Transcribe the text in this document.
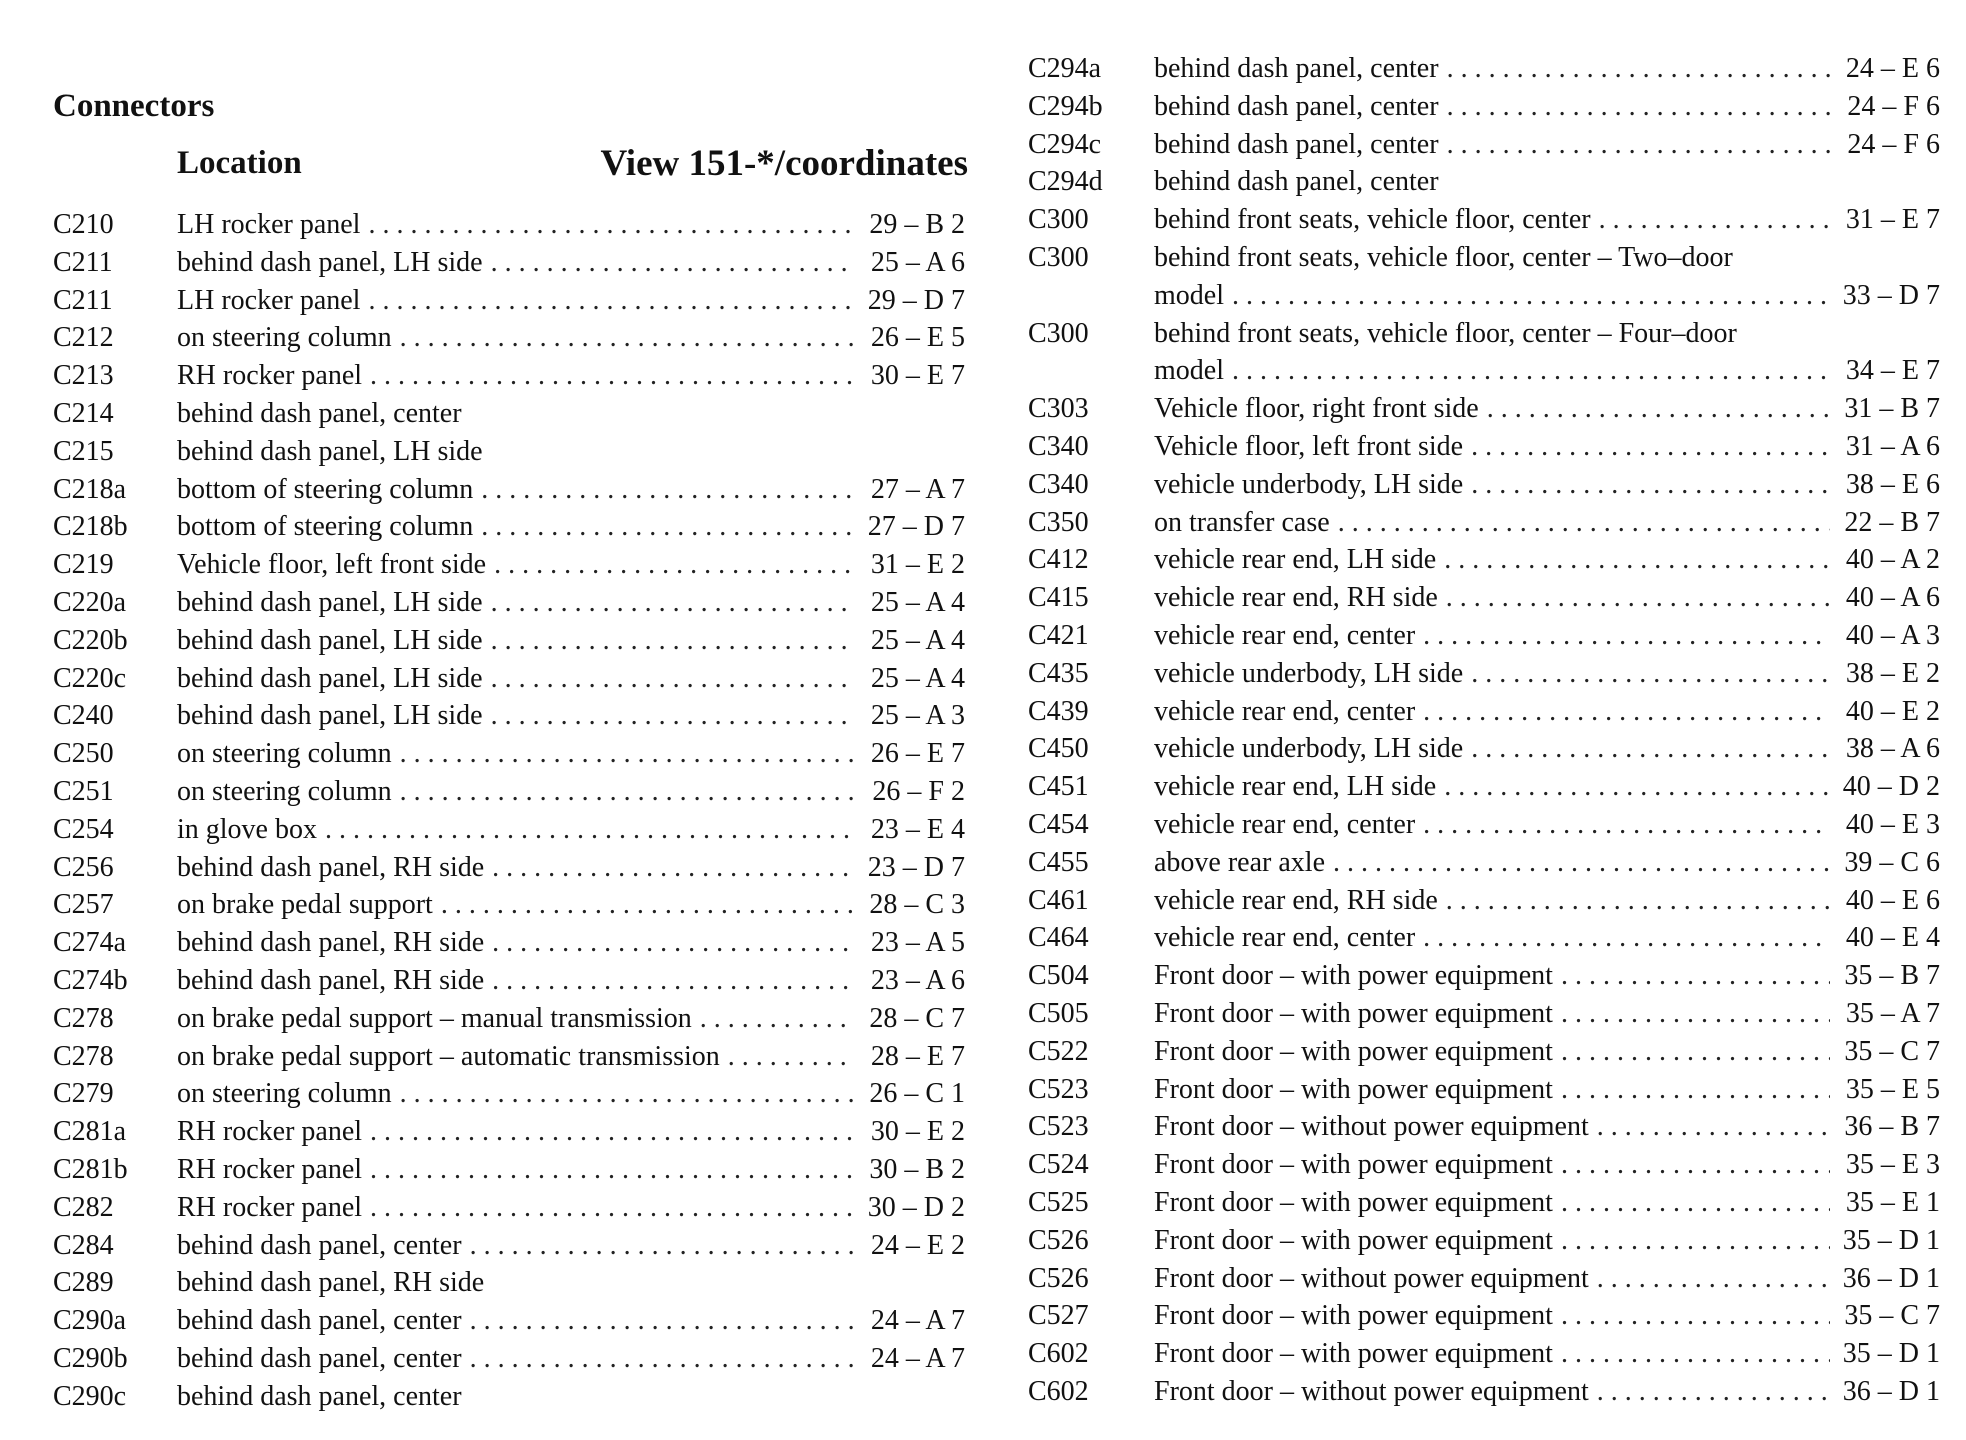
Connectors
Location	View 151-*/coordinates
C210	LH rocker panel . . .	29 – B 2
C211	behind dash panel, LH side . . .	25 – A 6
C211	LH rocker panel . . .	29 – D 7
C212	on steering column . . .	26 – E 5
C213	RH rocker panel . . .	30 – E 7
C214	behind dash panel, center
C215	behind dash panel, LH side
C218a	bottom of steering column . . .	27 – A 7
C218b	bottom of steering column . . .	27 – D 7
C219	Vehicle floor, left front side . . .	31 – E 2
C220a	behind dash panel, LH side . . .	25 – A 4
C220b	behind dash panel, LH side . . .	25 – A 4
C220c	behind dash panel, LH side . . .	25 – A 4
C240	behind dash panel, LH side . . .	25 – A 3
C250	on steering column . . .	26 – E 7
C251	on steering column . . .	26 – F 2
C254	in glove box . . .	23 – E 4
C256	behind dash panel, RH side . . .	23 – D 7
C257	on brake pedal support . . .	28 – C 3
C274a	behind dash panel, RH side . . .	23 – A 5
C274b	behind dash panel, RH side . . .	23 – A 6
C278	on brake pedal support – manual transmission . . .	28 – C 7
C278	on brake pedal support – automatic transmission . . .	28 – E 7
C279	on steering column . . .	26 – C 1
C281a	RH rocker panel . . .	30 – E 2
C281b	RH rocker panel . . .	30 – B 2
C282	RH rocker panel . . .	30 – D 2
C284	behind dash panel, center . . .	24 – E 2
C289	behind dash panel, RH side
C290a	behind dash panel, center . . .	24 – A 7
C290b	behind dash panel, center . . .	24 – A 7
C290c	behind dash panel, center
C294a	behind dash panel, center . . .	24 – E 6
C294b	behind dash panel, center . . .	24 – F 6
C294c	behind dash panel, center . . .	24 – F 6
C294d	behind dash panel, center
C300	behind front seats, vehicle floor, center . . .	31 – E 7
C300	behind front seats, vehicle floor, center – Two–door
model . . .	33 – D 7
C300	behind front seats, vehicle floor, center – Four–door
model . . .	34 – E 7
C303	Vehicle floor, right front side . . .	31 – B 7
C340	Vehicle floor, left front side . . .	31 – A 6
C340	vehicle underbody, LH side . . .	38 – E 6
C350	on transfer case . . .	22 – B 7
C412	vehicle rear end, LH side . . .	40 – A 2
C415	vehicle rear end, RH side . . .	40 – A 6
C421	vehicle rear end, center . . .	40 – A 3
C435	vehicle underbody, LH side . . .	38 – E 2
C439	vehicle rear end, center . . .	40 – E 2
C450	vehicle underbody, LH side . . .	38 – A 6
C451	vehicle rear end, LH side . . .	40 – D 2
C454	vehicle rear end, center . . .	40 – E 3
C455	above rear axle . . .	39 – C 6
C461	vehicle rear end, RH side . . .	40 – E 6
C464	vehicle rear end, center . . .	40 – E 4
C504	Front door – with power equipment . . .	35 – B 7
C505	Front door – with power equipment . . .	35 – A 7
C522	Front door – with power equipment . . .	35 – C 7
C523	Front door – with power equipment . . .	35 – E 5
C523	Front door – without power equipment . . .	36 – B 7
C524	Front door – with power equipment . . .	35 – E 3
C525	Front door – with power equipment . . .	35 – E 1
C526	Front door – with power equipment . . .	35 – D 1
C526	Front door – without power equipment . . .	36 – D 1
C527	Front door – with power equipment . . .	35 – C 7
C602	Front door – with power equipment . . .	35 – D 1
C602	Front door – without power equipment . . .	36 – D 1
